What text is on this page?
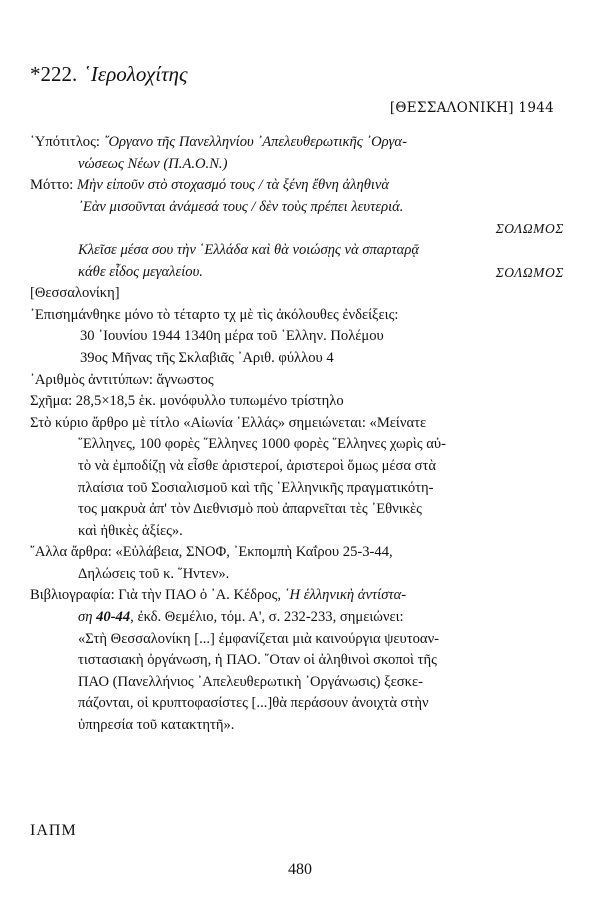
*222. ῾Ιερολοχίτης
[ΘΕΣΣΑΛΟΝΙΚΗ] 1944
῾Υπότιτλος: ῎Οργανο τῆς Πανελληνίου ᾿Απελευθερωτικῆς ᾿Οργα-
νώσεως Νέων (Π.Α.Ο.Ν.)
Μόττο: Μὴν εἰποῦν στὸ στοχασμό τους / τὰ ξένη ἔθνη ἀληθινὰ
᾿Εὰν μισοῦνται ἀνάμεσά τους / δὲν τοὺς πρέπει λευτεριά.
ΣΟΛΩΜΟΣ
Κλεῖσε μέσα σου τὴν ῾Ελλάδα καὶ θὰ νοιώσῃς νὰ σπαρταρᾷ
κάθε εἶδος μεγαλείου.	ΣΟΛΩΜΟΣ
[Θεσσαλονίκη]
᾿Επισημάνθηκε μόνο τὸ τέταρτο τχ μὲ τὶς ἀκόλουθες ἐνδείξεις:
30 ᾿Ιουνίου 1944 1340η μέρα τοῦ ῾Ελλην. Πολέμου
39ος Μῆνας τῆς Σκλαβιᾶς ᾿Αριθ. φύλλου 4
᾿Αριθμὸς ἀντιτύπων: ἄγνωστος
Σχῆμα: 28,5×18,5 ἑκ. μονόφυλλο τυπωμένο τρίστηλο
Στὸ κύριο ἄρθρο μὲ τίτλο «Αἰωνία ῾Ελλάς» σημειώνεται: «Μείνατε
῞Ελληνες, 100 φορὲς ῞Ελληνες 1000 φορὲς ῞Ελληνες χωρὶς αὐ-
τὸ νὰ ἐμποδίζῃ νὰ εἶσθε ἀριστεροί, ἀριστεροὶ ὅμως μέσα στὰ
πλαίσια τοῦ Σοσιαλισμοῦ καὶ τῆς ῾Ελληνικῆς πραγματικότη-
τος μακρυὰ ἀπ' τὸν Διεθνισμὸ ποὺ ἀπαρνεῖται τὲς ᾿Εθνικὲς
καὶ ἠθικὲς ἀξίες».
῎Αλλα ἄρθρα: «Εὐλάβεια, ΣΝΟΦ, ᾿Εκπομπὴ Καΐρου 25-3-44,
Δηλώσεις τοῦ κ. ῞Ηντεν».
Βιβλιογραφία: Γιὰ τὴν ΠΑΟ ὁ ᾿Α. Κέδρος, ῾Η ἑλληνικὴ ἀντίστα-
ση 40-44, ἐκδ. Θεμέλιο, τόμ. Α', σ. 232-233, σημειώνει:
«Στὴ Θεσσαλονίκη [...] ἐμφανίζεται μιὰ καινούργια ψευτοαν-
τιστασιακὴ ὀργάνωση, ἡ ΠΑΟ. ῞Οταν οἱ ἀληθινοὶ σκοποὶ τῆς
ΠΑΟ (Πανελλήνιος ᾿Απελευθερωτικὴ ᾿Οργάνωσις) ξεσκε-
πάζονται, οἱ κρυπτοφασίστες [...]θὰ περάσουν ἀνοιχτὰ στὴν
ὑπηρεσία τοῦ κατακτητῆ».
ΙΑΠΜ
480
